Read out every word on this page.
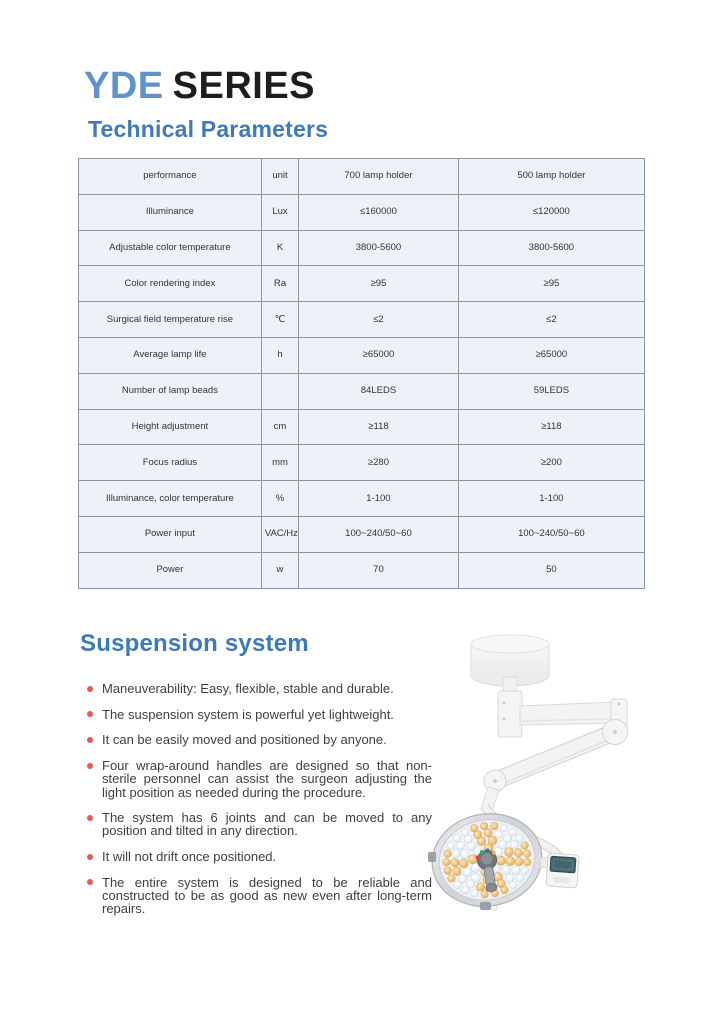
YDE SERIES
Technical Parameters
performance	unit	700 lamp holder	500 lamp holder
Illuminance	Lux	≤160000	≤120000
Adjustable color temperature	K	3800-5600	3800-5600
Color rendering index	Ra	≥95	≥95
Surgical field temperature rise	℃	≤2	≤2
Average lamp life	h	≥65000	≥65000
Number of lamp beads		84LEDS	59LEDS
Height adjustment	cm	≥118	≥118
Focus radius	mm	≥280	≥200
Illuminance, color temperature	%	1-100	1-100
Power input	VAC/Hz	100~240/50~60	100~240/50~60
Power	w	70	50
Suspension system
Maneuverability: Easy, flexible, stable and durable.
The suspension system is powerful yet lightweight.
It can be easily moved and positioned by anyone.
Four wrap-around handles are designed so that non-sterile personnel can assist the surgeon adjusting the light position as needed during the procedure.
The system has 6 joints and can be moved to any position and tilted in any direction.
It will not drift once positioned.
The entire system is designed to be reliable and constructed to be as good as new even after long-term repairs.
